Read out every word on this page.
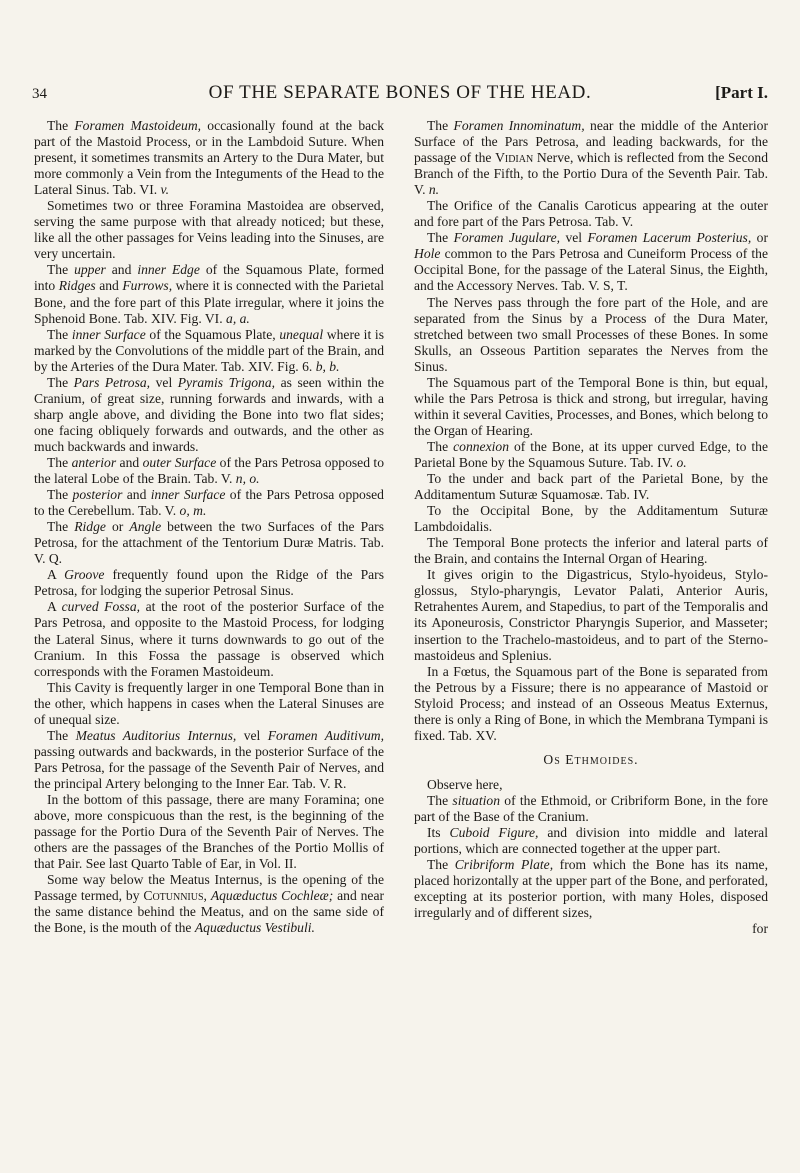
34	OF THE SEPARATE BONES OF THE HEAD.	[Part I.

The Foramen Mastoideum, occasionally found at the back part of the Mastoid Process, or in the Lambdoid Suture. When present, it sometimes transmits an Artery to the Dura Mater, but more commonly a Vein from the Integuments of the Head to the Lateral Sinus. Tab. VI. v.

Sometimes two or three Foramina Mastoidea are observed, serving the same purpose with that already noticed; but these, like all the other passages for Veins leading into the Sinuses, are very uncertain.

The upper and inner Edge of the Squamous Plate, formed into Ridges and Furrows, where it is connected with the Parietal Bone, and the fore part of this Plate irregular, where it joins the Sphenoid Bone. Tab. XIV. Fig. VI. a, a.

The inner Surface of the Squamous Plate, unequal where it is marked by the Convolutions of the middle part of the Brain, and by the Arteries of the Dura Mater. Tab. XIV. Fig. 6. b, b.

The Pars Petrosa, vel Pyramis Trigona, as seen within the Cranium, of great size, running forwards and inwards, with a sharp angle above, and dividing the Bone into two flat sides; one facing obliquely forwards and outwards, and the other as much backwards and inwards.

The anterior and outer Surface of the Pars Petrosa opposed to the lateral Lobe of the Brain. Tab. V. n, o.

The posterior and inner Surface of the Pars Petrosa opposed to the Cerebellum. Tab. V. o, m.

The Ridge or Angle between the two Surfaces of the Pars Petrosa, for the attachment of the Tentorium Duræ Matris. Tab. V. Q.

A Groove frequently found upon the Ridge of the Pars Petrosa, for lodging the superior Petrosal Sinus.

A curved Fossa, at the root of the posterior Surface of the Pars Petrosa, and opposite to the Mastoid Process, for lodging the Lateral Sinus, where it turns downwards to go out of the Cranium. In this Fossa the passage is observed which corresponds with the Foramen Mastoideum.

This Cavity is frequently larger in one Temporal Bone than in the other, which happens in cases when the Lateral Sinuses are of unequal size.

The Meatus Auditorius Internus, vel Foramen Auditivum, passing outwards and backwards, in the posterior Surface of the Pars Petrosa, for the passage of the Seventh Pair of Nerves, and the principal Artery belonging to the Inner Ear. Tab. V. R.

In the bottom of this passage, there are many Foramina; one above, more conspicuous than the rest, is the beginning of the passage for the Portio Dura of the Seventh Pair of Nerves. The others are the passages of the Branches of the Portio Mollis of that Pair. See last Quarto Table of Ear, in Vol. II.

Some way below the Meatus Internus, is the opening of the Passage termed, by Cotunnius, Aquæductus Cochleæ; and near the same distance behind the Meatus, and on the same side of the Bone, is the mouth of the Aquæductus Vestibuli.

The Foramen Innominatum, near the middle of the Anterior Surface of the Pars Petrosa, and leading backwards, for the passage of the Vidian Nerve, which is reflected from the Second Branch of the Fifth, to the Portio Dura of the Seventh Pair. Tab. V. n.

The Orifice of the Canalis Caroticus appearing at the outer and fore part of the Pars Petrosa. Tab. V.

The Foramen Jugulare, vel Foramen Lacerum Posterius, or Hole common to the Pars Petrosa and Cuneiform Process of the Occipital Bone, for the passage of the Lateral Sinus, the Eighth, and the Accessory Nerves. Tab. V. S, T.

The Nerves pass through the fore part of the Hole, and are separated from the Sinus by a Process of the Dura Mater, stretched between two small Processes of these Bones. In some Skulls, an Osseous Partition separates the Nerves from the Sinus.

The Squamous part of the Temporal Bone is thin, but equal, while the Pars Petrosa is thick and strong, but irregular, having within it several Cavities, Processes, and Bones, which belong to the Organ of Hearing.

The connexion of the Bone, at its upper curved Edge, to the Parietal Bone by the Squamous Suture. Tab. IV. o.

To the under and back part of the Parietal Bone, by the Additamentum Suturæ Squamosæ. Tab. IV.

To the Occipital Bone, by the Additamentum Suturæ Lambdoidalis.

The Temporal Bone protects the inferior and lateral parts of the Brain, and contains the Internal Organ of Hearing.

It gives origin to the Digastricus, Stylo-hyoideus, Stylo-glossus, Stylo-pharyngis, Levator Palati, Anterior Auris, Retrahentes Aurem, and Stapedius, to part of the Temporalis and its Aponeurosis, Constrictor Pharyngis Superior, and Masseter; insertion to the Trachelo-mastoideus, and to part of the Sterno-mastoideus and Splenius.

In a Fœtus, the Squamous part of the Bone is separated from the Petrous by a Fissure; there is no appearance of Mastoid or Styloid Process; and instead of an Osseous Meatus Externus, there is only a Ring of Bone, in which the Membrana Tympani is fixed. Tab. XV.

Os Ethmoides.

Observe here,

The situation of the Ethmoid, or Cribriform Bone, in the fore part of the Base of the Cranium.

Its Cuboid Figure, and division into middle and lateral portions, which are connected together at the upper part.

The Cribriform Plate, from which the Bone has its name, placed horizontally at the upper part of the Bone, and perforated, excepting at its posterior portion, with many Holes, disposed irregularly and of different sizes,

for
